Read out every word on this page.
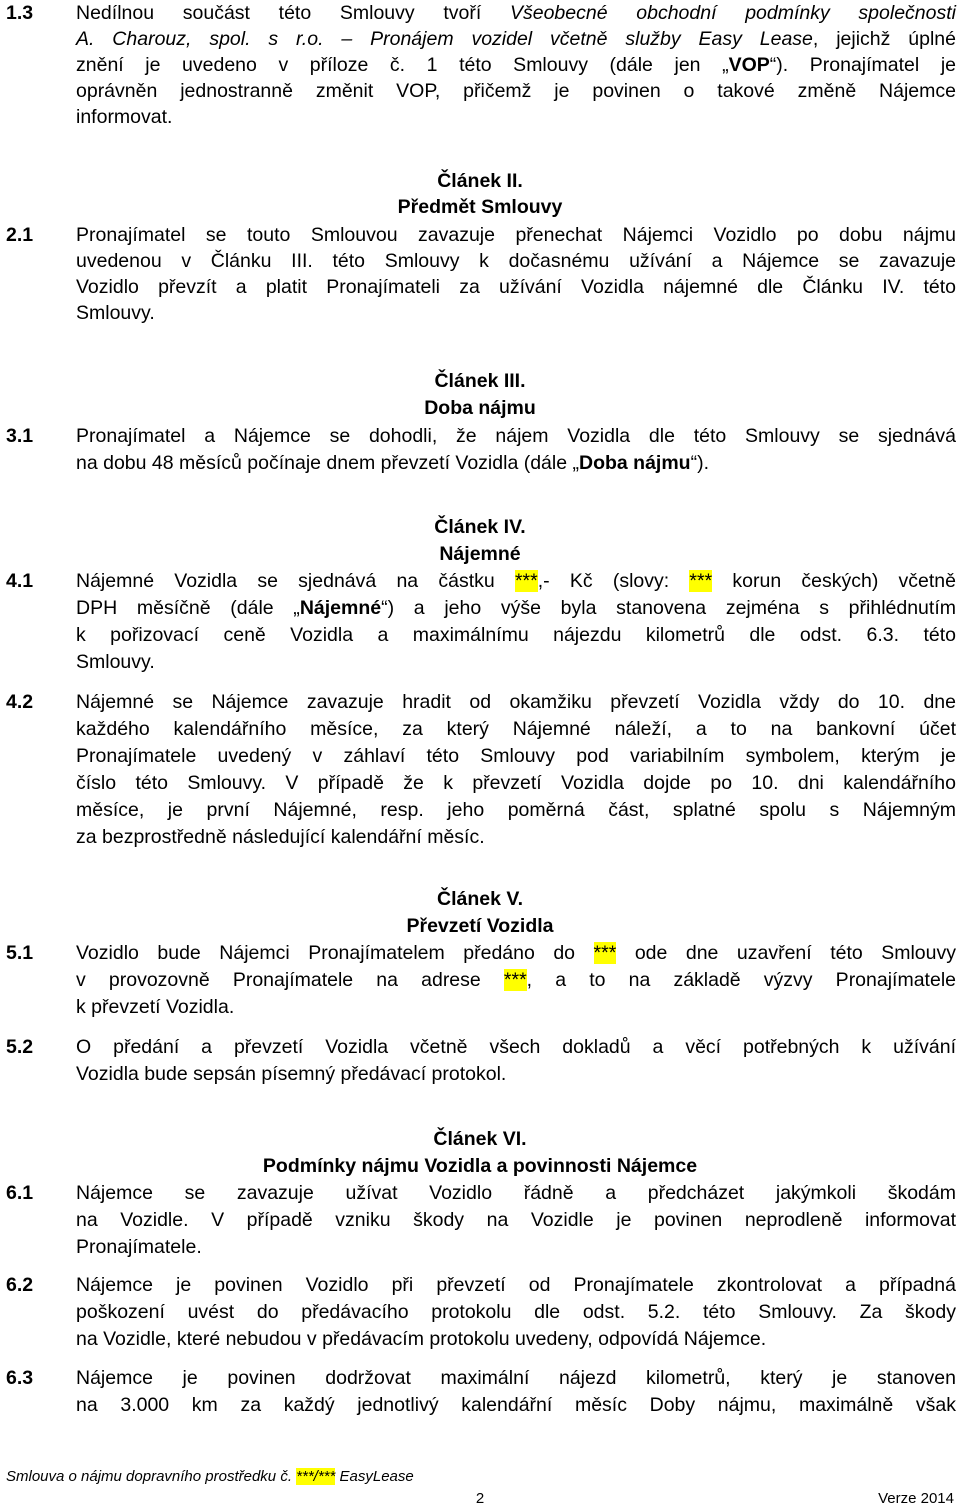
1.3 Nedílnou součást této Smlouvy tvoří Všeobecné obchodní podmínky společnosti
A. Charouz, spol. s r.o. – Pronájem vozidel včetně služby Easy Lease, jejichž úplné
znění je uvedeno v příloze č. 1 této Smlouvy (dále jen „VOP“). Pronajímatel je
oprávněn jednostranně změnit VOP, přičemž je povinen o takové změně Nájemce
informovat.
Článek II.
Předmět Smlouvy
2.1 Pronajímatel se touto Smlouvou zavazuje přenechat Nájemci Vozidlo po dobu nájmu
uvedenou v Článku III. této Smlouvy k dočasnému užívání a Nájemce se zavazuje
Vozidlo převzít a platit Pronajímateli za užívání Vozidla nájemné dle Článku IV. této
Smlouvy.
Článek III.
Doba nájmu
3.1 Pronajímatel a Nájemce se dohodli, že nájem Vozidla dle této Smlouvy se sjednává
na dobu 48 měsíců počínaje dnem převzetí Vozidla (dále „Doba nájmu“).
Článek IV.
Nájemné
4.1 Nájemné Vozidla se sjednává na částku ***,- Kč (slovy: *** korun českých) včetně
DPH měsíčně (dále „Nájemné“) a jeho výše byla stanovena zejména s přihlédnutím
k pořizovací ceně Vozidla a maximálnímu nájezdu kilometrů dle odst. 6.3. této
Smlouvy.
4.2 Nájemné se Nájemce zavazuje hradit od okamžiku převzetí Vozidla vždy do 10. dne
každého kalendářního měsíce, za který Nájemné náleží, a to na bankovní účet
Pronajímatele uvedený v záhlaví této Smlouvy pod variabilním symbolem, kterým je
číslo této Smlouvy. V případě že k převzetí Vozidla dojde po 10. dni kalendářního
měsíce, je první Nájemné, resp. jeho poměrná část, splatné spolu s Nájemným
za bezprostředně následující kalendářní měsíc.
Článek V.
Převzetí Vozidla
5.1 Vozidlo bude Nájemci Pronajímatelem předáno do *** ode dne uzavření této Smlouvy
v provozovně Pronajímatele na adrese ***, a to na základě výzvy Pronajímatele
k převzetí Vozidla.
5.2 O předání a převzetí Vozidla včetně všech dokladů a věcí potřebných k užívání
Vozidla bude sepsán písemný předávací protokol.
Článek VI.
Podmínky nájmu Vozidla a povinnosti Nájemce
6.1 Nájemce se zavazuje užívat Vozidlo řádně a předcházet jakýmkoli škodám
na Vozidle. V případě vzniku škody na Vozidle je povinen neprodleně informovat
Pronajímatele.
6.2 Nájemce je povinen Vozidlo při převzetí od Pronajímatele zkontrolovat a případná
poškození uvést do předávacího protokolu dle odst. 5.2. této Smlouvy. Za škody
na Vozidle, které nebudou v předávacím protokolu uvedeny, odpovídá Nájemce.
6.3 Nájemce je povinen dodržovat maximální nájezd kilometrů, který je stanoven
na 3.000 km za každý jednotlivý kalendářní měsíc Doby nájmu, maximálně však
Smlouva o nájmu dopravního prostředku č. ***/*** EasyLease
2	Verze 2014
